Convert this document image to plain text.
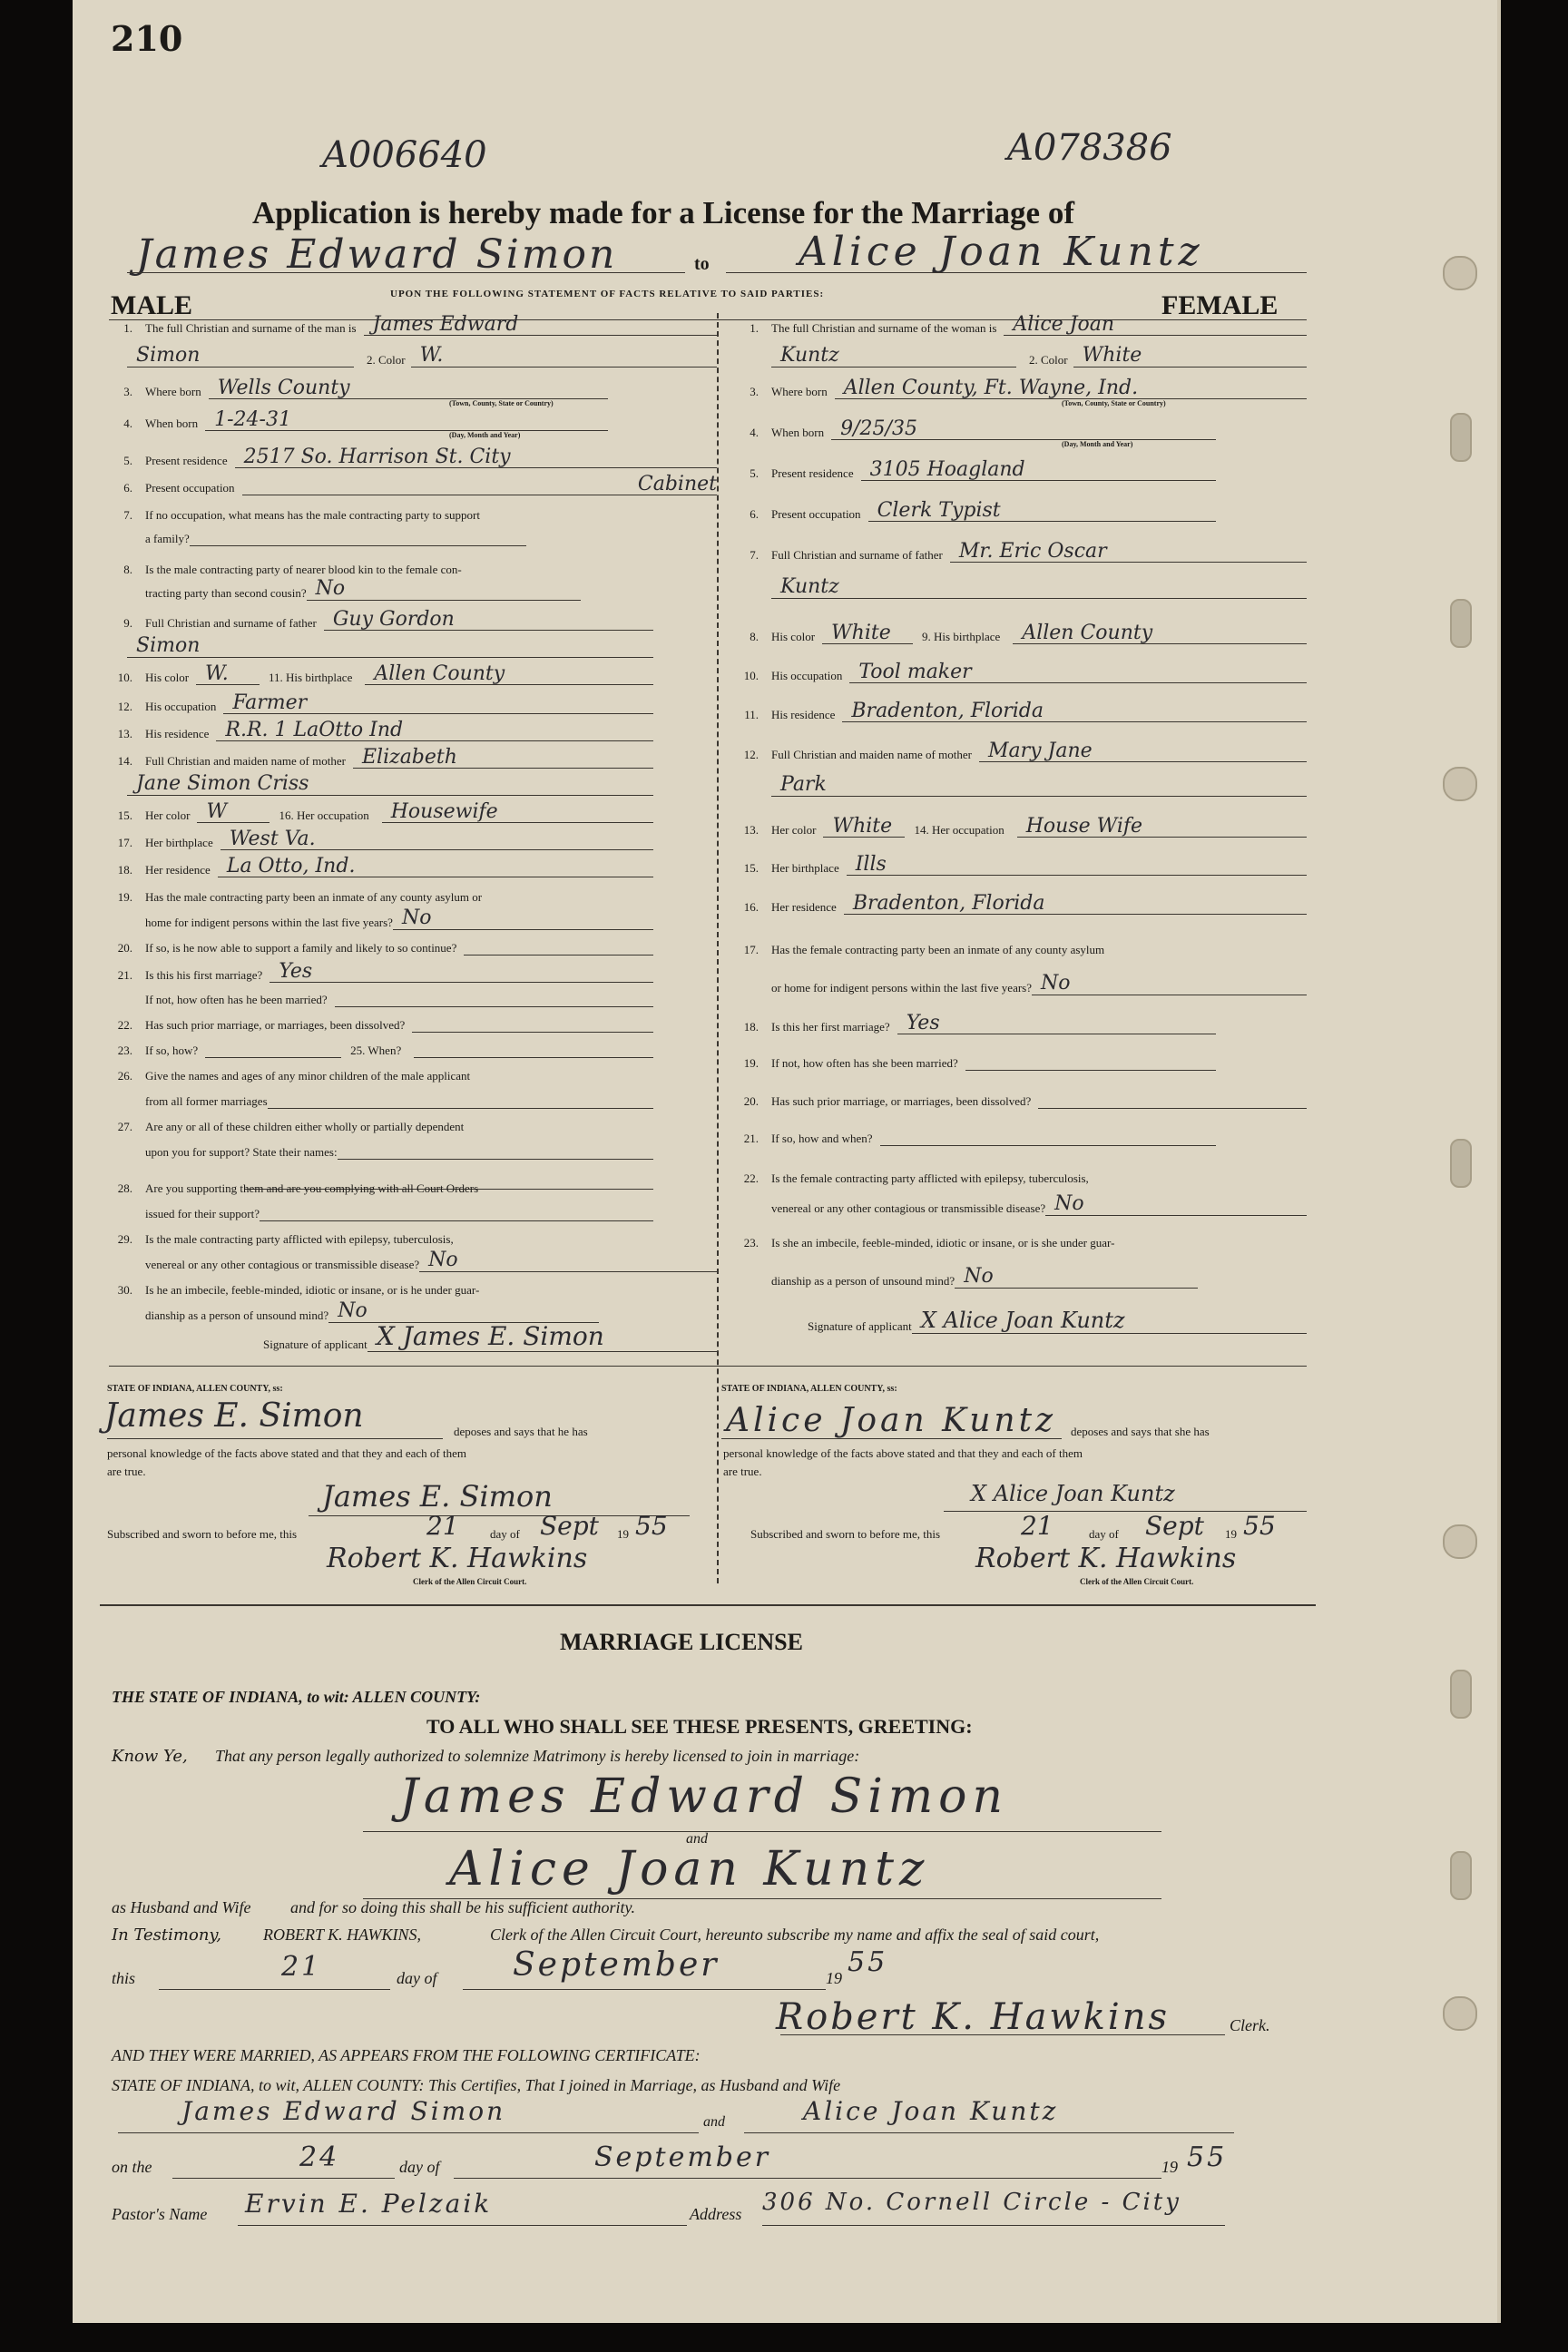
210
A006640	A078386
Application is hereby made for a License for the Marriage of
James Edward Simon	to Alice Joan Kuntz
UPON THE FOLLOWING STATEMENT OF FACTS RELATIVE TO SAID PARTIES:
MALE	FEMALE
1.	The full Christian and surname of the man is James Edward
Simon	2. Color W.
3.	Where born Wells County
(Town, County, State or Country)
4.	When born 1-24-31
(Day, Month and Year)
5.	Present residence 2517 So. Harrison St. City
6.	Present occupation	Cabinet
7.	If no occupation, what means has the male contracting party to support
a family?
8.	Is the male contracting party of nearer blood kin to the female con-
tracting party than second cousin? No
9.	Full Christian and surname of father Guy Gordon
Simon
10.	His color W.	11. His birthplace	Allen County
12.	His occupation Farmer
13.	His residence R.R. 1 LaOtto Ind
14.	Full Christian and maiden name of mother Elizabeth
Jane Simon Criss
15.	Her color W	16. Her occupation	Housewife
17.	Her birthplace West Va.
18.	Her residence La Otto, Ind.
19.	Has the male contracting party been an inmate of any county asylum or
home for indigent persons within the last five years? No
20.	If so, is he now able to support a family and likely to so continue?
21.	Is this his first marriage? Yes
If not, how often has he been married?
22.	Has such prior marriage, or marriages, been dissolved?
23.	If so, how?	25. When?
26.	Give the names and ages of any minor children of the male applicant
from all former marriages
27.	Are any or all of these children either wholly or partially dependent
upon you for support? State their names:
28.	Are you supporting them and are you complying with all Court Orders
issued for their support?
29.	Is the male contracting party afflicted with epilepsy, tuberculosis,
venereal or any other contagious or transmissible disease? No
30.	Is he an imbecile, feeble-minded, idiotic or insane, or is he under guar-
dianship as a person of unsound mind? No
Signature of applicant X James E. Simon
1.	The full Christian and surname of the woman is Alice Joan
Kuntz	2. Color White
3.	Where born Allen County, Ft. Wayne, Ind.
(Town, County, State or Country)
4.	When born 9/25/35
(Day, Month and Year)
5.	Present residence 3105 Hoagland
6.	Present occupation Clerk Typist
7.	Full Christian and surname of father Mr. Eric Oscar
Kuntz
8.	His color White	9. His birthplace	Allen County
10.	His occupation Tool maker
11.	His residence Bradenton, Florida
12.	Full Christian and maiden name of mother Mary Jane
Park
13.	Her color White	14. Her occupation	House Wife
15.	Her birthplace Ills
16.	Her residence Bradenton, Florida
17.	Has the female contracting party been an inmate of any county asylum
or home for indigent persons within the last five years? No
18.	Is this her first marriage? Yes
19.	If not, how often has she been married?
20.	Has such prior marriage, or marriages, been dissolved?
21.	If so, how and when?
22.	Is the female contracting party afflicted with epilepsy, tuberculosis,
venereal or any other contagious or transmissible disease? No
23.	Is she an imbecile, feeble-minded, idiotic or insane, or is she under guar-
dianship as a person of unsound mind? No
Signature of applicant X Alice Joan Kuntz
STATE OF INDIANA, ALLEN COUNTY, ss:	STATE OF INDIANA, ALLEN COUNTY, ss:
James E. Simon	deposes and says that he has
personal knowledge of the facts above stated and that they and each of them
are true.
James E. Simon
Subscribed and sworn to before me, this	21	day of Sept 19 55
Robert K. Hawkins
Clerk of the Allen Circuit Court.
Alice Joan Kuntz deposes and says that she has
personal knowledge of the facts above stated and that they and each of them
are true.
X Alice Joan Kuntz
Subscribed and sworn to before me, this	21	day of Sept 19 55
Robert K. Hawkins
Clerk of the Allen Circuit Court.
MARRIAGE LICENSE
THE STATE OF INDIANA, to wit: ALLEN COUNTY:
TO ALL WHO SHALL SEE THESE PRESENTS, GREETING:
Know Ye, That any person legally authorized to solemnize Matrimony is hereby licensed to join in marriage:
James Edward Simon
and
Alice Joan Kuntz
as Husband and Wife and for so doing this shall be his sufficient authority.
In Testimony,	ROBERT K. HAWKINS,	Clerk of the Allen Circuit Court, hereunto subscribe my name and affix the seal of said court,
this	21	day of September	19 55
Robert K. Hawkins	Clerk.
AND THEY WERE MARRIED, AS APPEARS FROM THE FOLLOWING CERTIFICATE:
STATE OF INDIANA, to wit, ALLEN COUNTY: This Certifies, That I joined in Marriage, as Husband and Wife
James Edward Simon	and	Alice Joan Kuntz
on the	24	day of	September	19 55
Pastor's Name Ervin E. Pelzaik	Address 306 No. Cornell Circle - City
